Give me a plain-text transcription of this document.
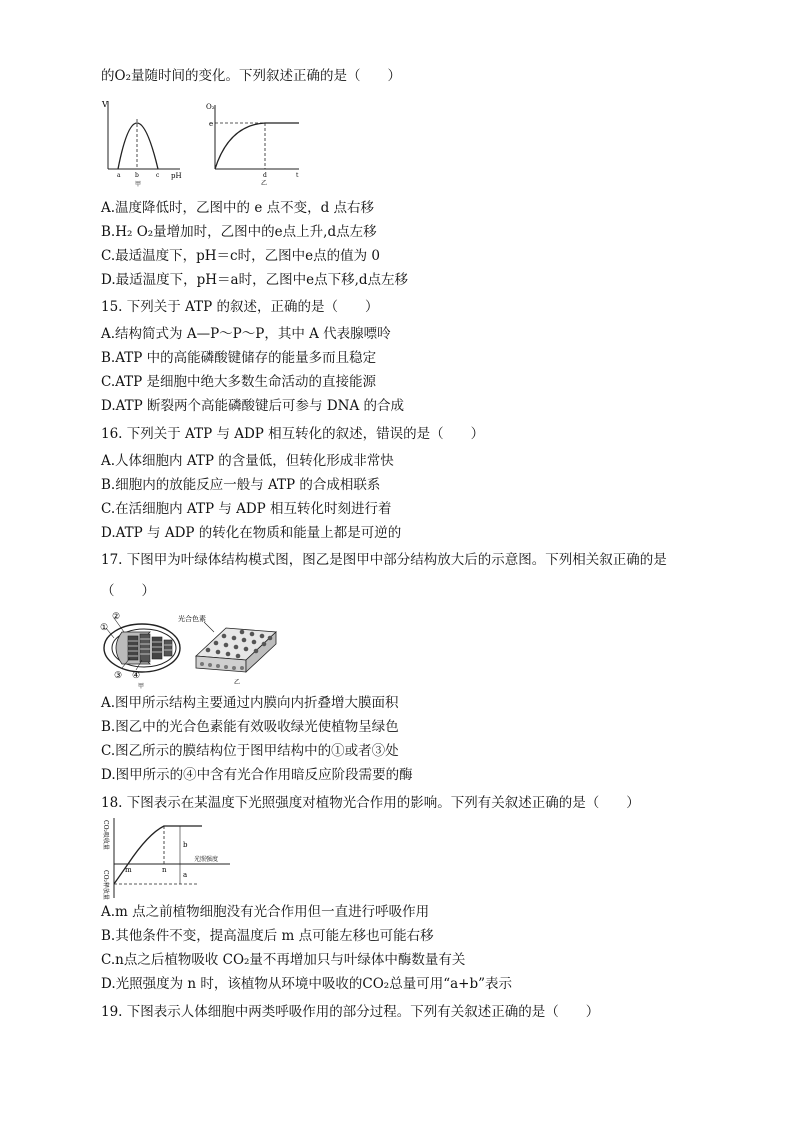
的O₂量随时间的变化。下列叙述正确的是（　　）
V
pH
a b	c
甲
O₂
e
d	t
乙
A.温度降低时，乙图中的 e 点不变，d 点右移
B.H₂ O₂量增加时，乙图中的e点上升,d点左移
C.最适温度下，pH＝c时，乙图中e点的值为 0
D.最适温度下，pH＝a时，乙图中e点下移,d点左移
15. 下列关于 ATP 的叙述，正确的是（　　）
A.结构简式为 A—P～P～P，其中 A 代表腺嘌呤
B.ATP 中的高能磷酸键储存的能量多而且稳定
C.ATP 是细胞中绝大多数生命活动的直接能源
D.ATP 断裂两个高能磷酸键后可参与 DNA 的合成
16. 下列关于 ATP 与 ADP 相互转化的叙述，错误的是（　　）
A.人体细胞内 ATP 的含量低，但转化形成非常快
B.细胞内的放能反应一般与 ATP 的合成相联系
C.在活细胞内 ATP 与 ADP 相互转化时刻进行着
D.ATP 与 ADP 的转化在物质和能量上都是可逆的
17. 下图甲为叶绿体结构模式图，图乙是图甲中部分结构放大后的示意图。下列相关叙正确的是
（　　）
②
①
③ ④
甲
光合色素
乙
A.图甲所示结构主要通过内膜向内折叠增大膜面积
B.图乙中的光合色素能有效吸收绿光使植物呈绿色
C.图乙所示的膜结构位于图甲结构中的①或者③处
D.图甲所示的④中含有光合作用暗反应阶段需要的酶
18. 下图表示在某温度下光照强度对植物光合作用的影响。下列有关叙述正确的是（　　）
CO₂吸收量
CO₂释放量 m	n
b
a
光照强度
A.m 点之前植物细胞没有光合作用但一直进行呼吸作用
B.其他条件不变，提高温度后 m 点可能左移也可能右移
C.n点之后植物吸收 CO₂量不再增加只与叶绿体中酶数量有关
D.光照强度为 n 时，该植物从环境中吸收的CO₂总量可用“a+b”表示
19. 下图表示人体细胞中两类呼吸作用的部分过程。下列有关叙述正确的是（　　）
